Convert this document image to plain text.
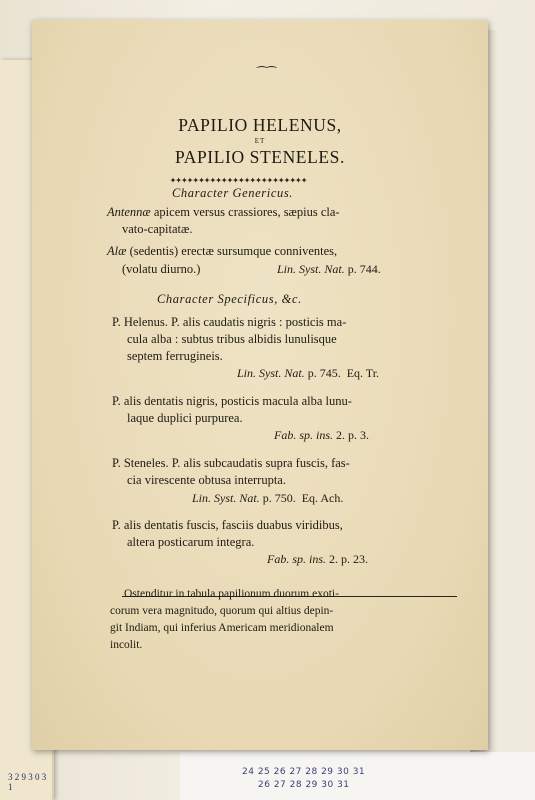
3 2 9 3 0 3 1
24 25 26 27 28 29 30 31
26 27 28 29 30 31
⁔⁔
PAPILIO HELENUS,
ET
PAPILIO STENELES.
✦✦✦✦✦✦✦✦✦✦✦✦✦✦✦✦✦✦✦✦✦✦✦✦
Character Genericus.
Antennæ apicem versus crassiores, sæpius cla-
vato-capitatæ.
Alæ (sedentis) erectæ sursumque conniventes,
(volatu diurno.)	Lin. Syst. Nat. p. 744.
Character Specificus, &c.
P. Helenus. P. alis caudatis nigris : posticis ma-
cula alba : subtus tribus albidis lunulisque
septem ferrugineis.
Lin. Syst. Nat. p. 745. Eq. Tr.
P. alis dentatis nigris, posticis macula alba lunu-
laque duplici purpurea.
Fab. sp. ins. 2. p. 3.
P. Steneles. P. alis subcaudatis supra fuscis, fas-
cia virescente obtusa interrupta.
Lin. Syst. Nat. p. 750. Eq. Ach.
P. alis dentatis fuscis, fasciis duabus viridibus,
altera posticarum integra.
Fab. sp. ins. 2. p. 23.
Ostenditur in tabula papilionum duorum exoti-
corum vera magnitudo, quorum qui altius depin-
git Indiam, qui inferius Americam meridionalem
incolit.
